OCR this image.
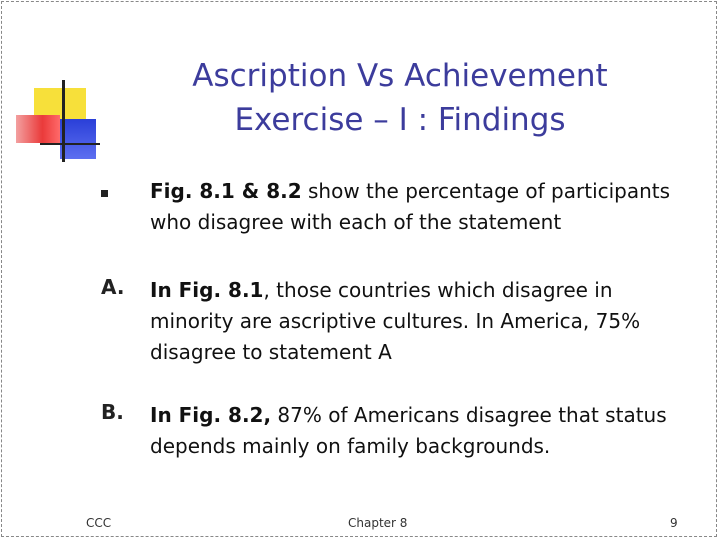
Ascription Vs Achievement
Exercise – I : Findings
Fig. 8.1 & 8.2 show the percentage of participants who disagree with each of the statement
A. In Fig. 8.1, those countries which disagree in minority are ascriptive cultures. In America, 75% disagree to statement A
B. In Fig. 8.2, 87% of Americans disagree that status depends mainly on family backgrounds.
CCC	Chapter 8	9
